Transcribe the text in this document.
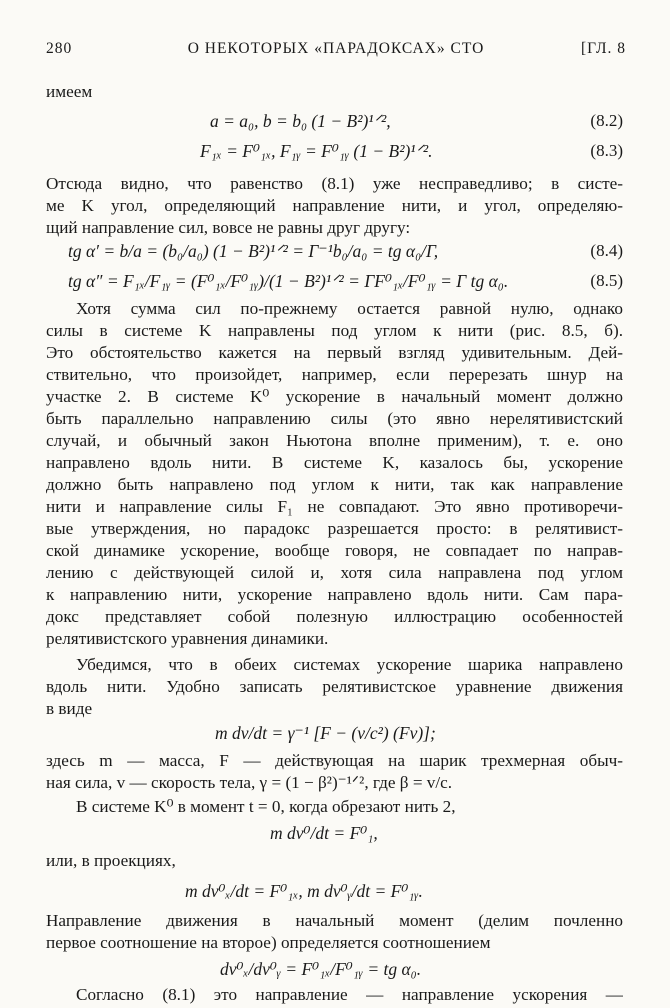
280	О НЕКОТОРЫХ «ПАРАДОКСАХ» СТО	[ГЛ. 8
имеем
a = a₀, b = b₀ (1 − B²)¹ᐟ²,	(8.2)
F₁ₓ = F⁰₁ₓ, F₁ᵧ = F⁰₁ᵧ (1 − B²)¹ᐟ².	(8.3)
Отсюда видно, что равенство (8.1) уже несправедливо; в систе-
ме K угол, определяющий направление нити, и угол, определяю-
щий направление сил, вовсе не равны друг другу:
tg α′ = b/a = (b₀/a₀) (1 − B²)¹ᐟ² = Γ⁻¹b₀/a₀ = tg α₀/Γ,	(8.4)
tg α″ = F₁ₓ/F₁ᵧ = (F⁰₁ₓ/F⁰₁ᵧ)/(1 − B²)¹ᐟ² = ΓF⁰₁ₓ/F⁰₁ᵧ = Γ tg α₀.	(8.5)
Хотя сумма сил по-прежнему остается равной нулю, однако
силы в системе K направлены под углом к нити (рис. 8.5, б).
Это обстоятельство кажется на первый взгляд удивительным. Дей-
ствительно, что произойдет, например, если перерезать шнур на
участке 2. В системе K⁰ ускорение в начальный момент должно
быть параллельно направлению силы (это явно нерелятивистский
случай, и обычный закон Ньютона вполне применим), т. е. оно
направлено вдоль нити. В системе K, казалось бы, ускорение
должно быть направлено под углом к нити, так как направление
нити и направление силы F₁ не совпадают. Это явно противоречи-
вые утверждения, но парадокс разрешается просто: в релятивист-
ской динамике ускорение, вообще говоря, не совпадает по направ-
лению с действующей силой и, хотя сила направлена под углом
к направлению нити, ускорение направлено вдоль нити. Сам пара-
докс представляет собой полезную иллюстрацию особенностей
релятивистского уравнения динамики.
Убедимся, что в обеих системах ускорение шарика направлено
вдоль нити. Удобно записать релятивистское уравнение движения
в виде
m dv/dt = γ⁻¹ [F − (v/c²) (Fv)];
здесь m — масса, F — действующая на шарик трехмерная обыч-
ная сила, v — скорость тела, γ = (1 − β²)⁻¹ᐟ², где β = v/c.
В системе K⁰ в момент t = 0, когда обрезают нить 2,
m dv⁰/dt = F⁰₁,
или, в проекциях,
m dv⁰ₓ/dt = F⁰₁ₓ, m dv⁰ᵧ/dt = F⁰₁ᵧ.
Направление движения в начальный момент (делим почленно
первое соотношение на второе) определяется соотношением
dv⁰ₓ/dv⁰ᵧ = F⁰₁ₓ/F⁰₁ᵧ = tg α₀.
Согласно (8.1) это направление — направление ускорения —
